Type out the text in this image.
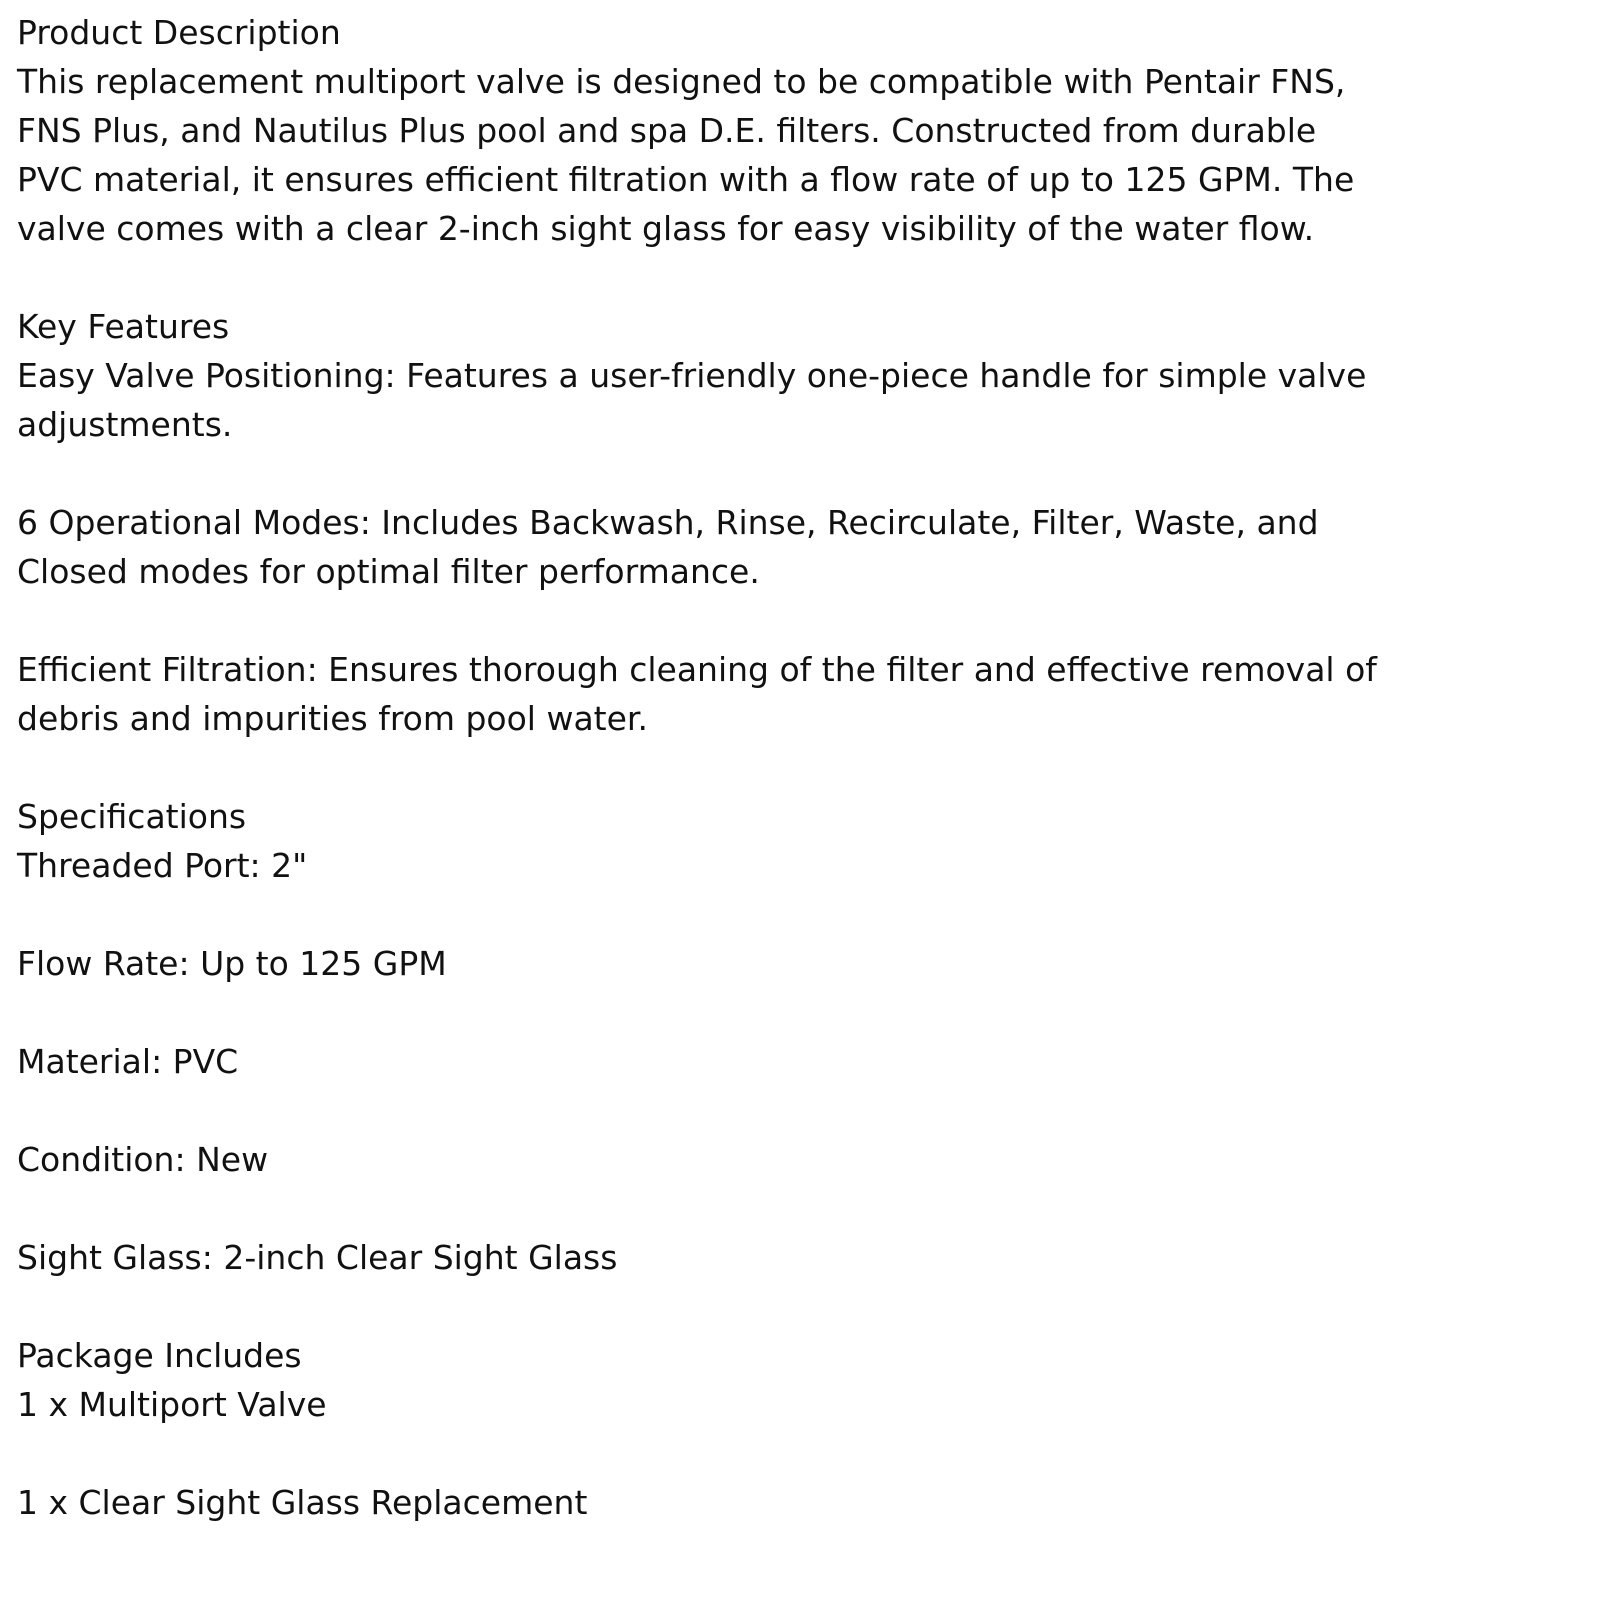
Product Description

This replacement multiport valve is designed to be compatible with Pentair FNS,

FNS Plus, and Nautilus Plus pool and spa D.E. filters. Constructed from durable

PVC material, it ensures efficient filtration with a flow rate of up to 125 GPM. The

valve comes with a clear 2-inch sight glass for easy visibility of the water flow.

Key Features

Easy Valve Positioning: Features a user-friendly one-piece handle for simple valve

adjustments.

6 Operational Modes: Includes Backwash, Rinse, Recirculate, Filter, Waste, and

Closed modes for optimal filter performance.

Efficient Filtration: Ensures thorough cleaning of the filter and effective removal of

debris and impurities from pool water.

Specifications

Threaded Port: 2"

Flow Rate: Up to 125 GPM

Material: PVC

Condition: New

Sight Glass: 2-inch Clear Sight Glass

Package Includes

1 x Multiport Valve

1 x Clear Sight Glass Replacement
